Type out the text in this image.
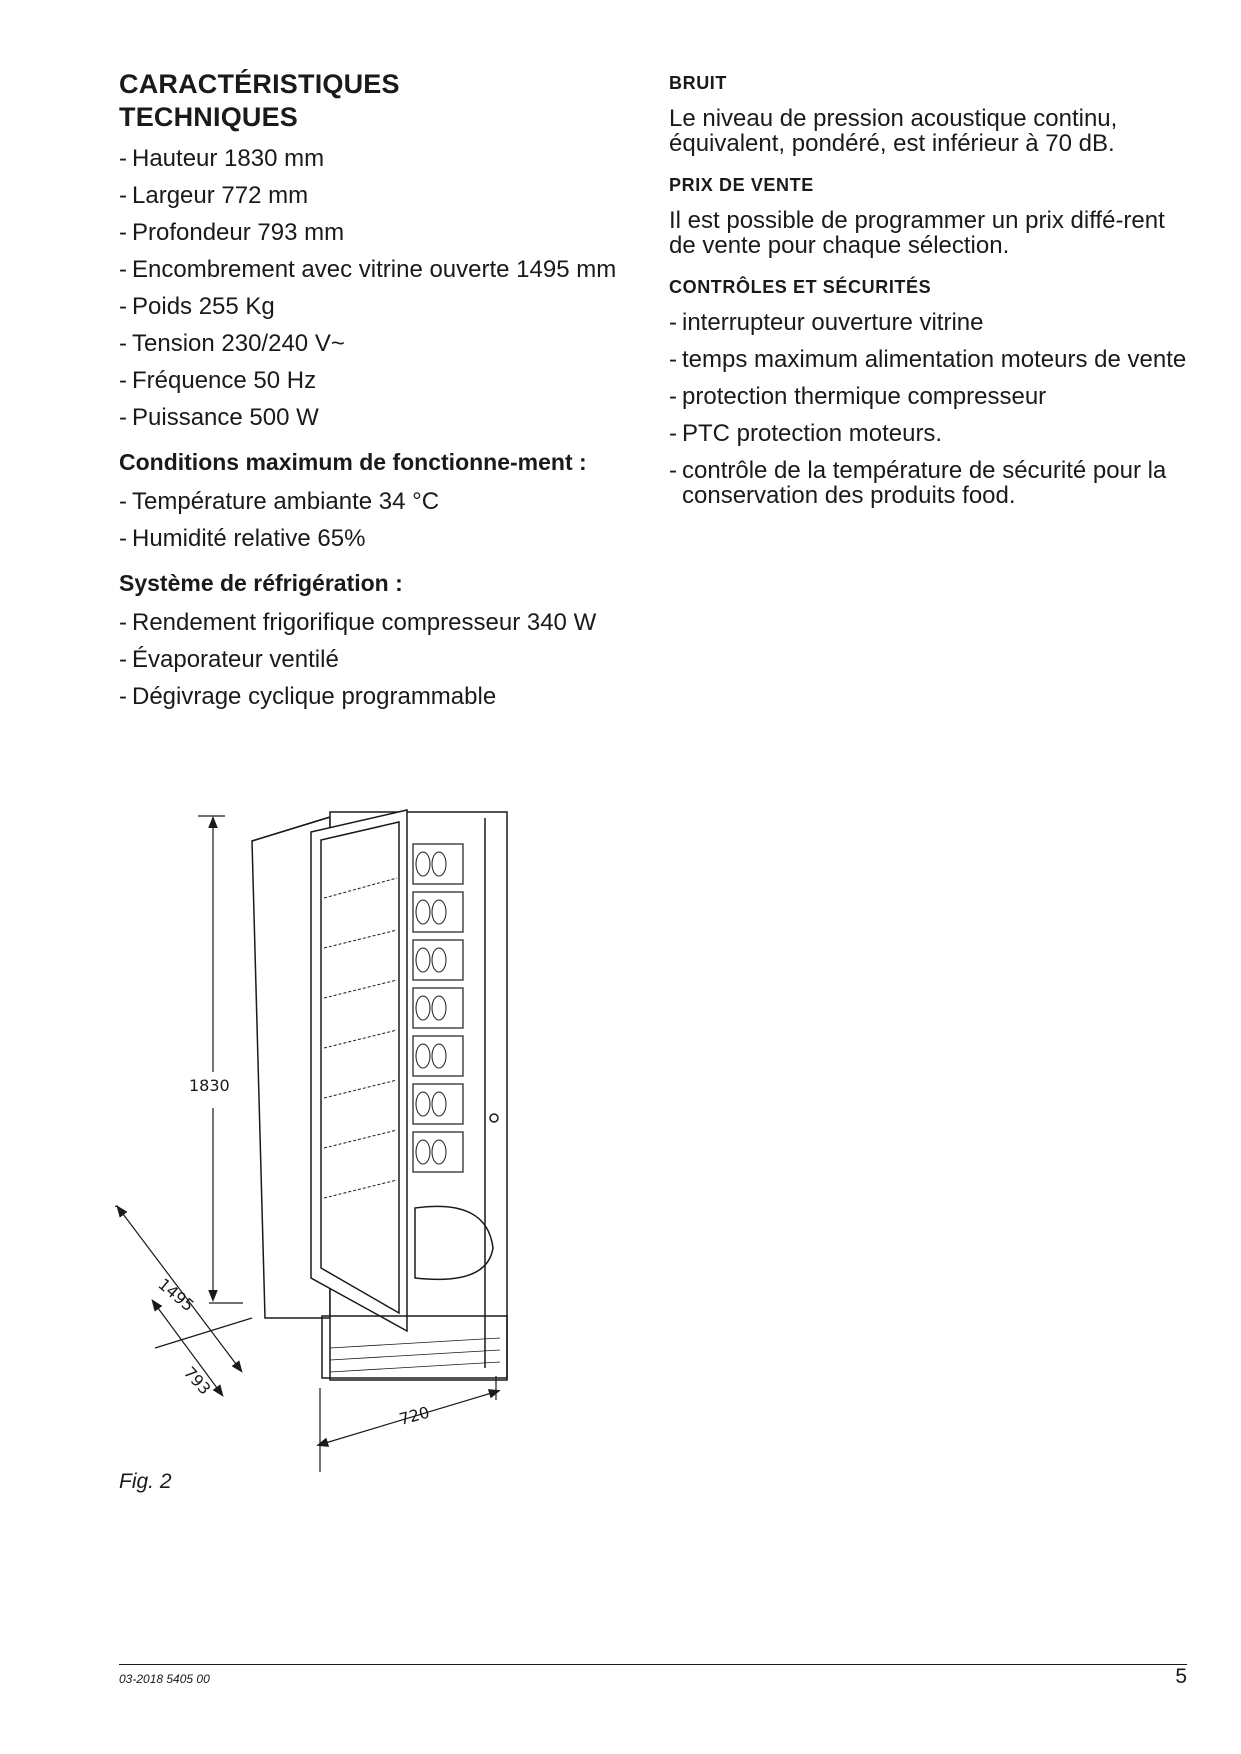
CARACTÉRISTIQUES
TECHNIQUES
- Hauteur 1830 mm
- Largeur 772 mm
- Profondeur 793 mm
- Encombrement avec vitrine ouverte 1495 mm
- Poids 255 Kg
- Tension 230/240 V~
- Fréquence 50 Hz
- Puissance 500 W
Conditions maximum de fonctionne-ment :
- Température ambiante 34 °C
- Humidité relative 65%
Système de réfrigération :
- Rendement frigorifique compresseur 340 W
- Évaporateur ventilé
- Dégivrage cyclique programmable
BRUIT

Le niveau de pression acoustique continu, équivalent, pondéré, est inférieur à 70 dB.

PRIX DE VENTE

Il est possible de programmer un prix diffé-rent de vente pour chaque sélection.

CONTRÔLES ET SÉCURITÉS
- interrupteur ouverture vitrine
- temps maximum alimentation moteurs de vente
- protection thermique compresseur
- PTC protection moteurs.
- contrôle de la température de sécurité pour la conservation des produits food.
1830
1495
793
720
Fig. 2
03-2018 5405 00	5
